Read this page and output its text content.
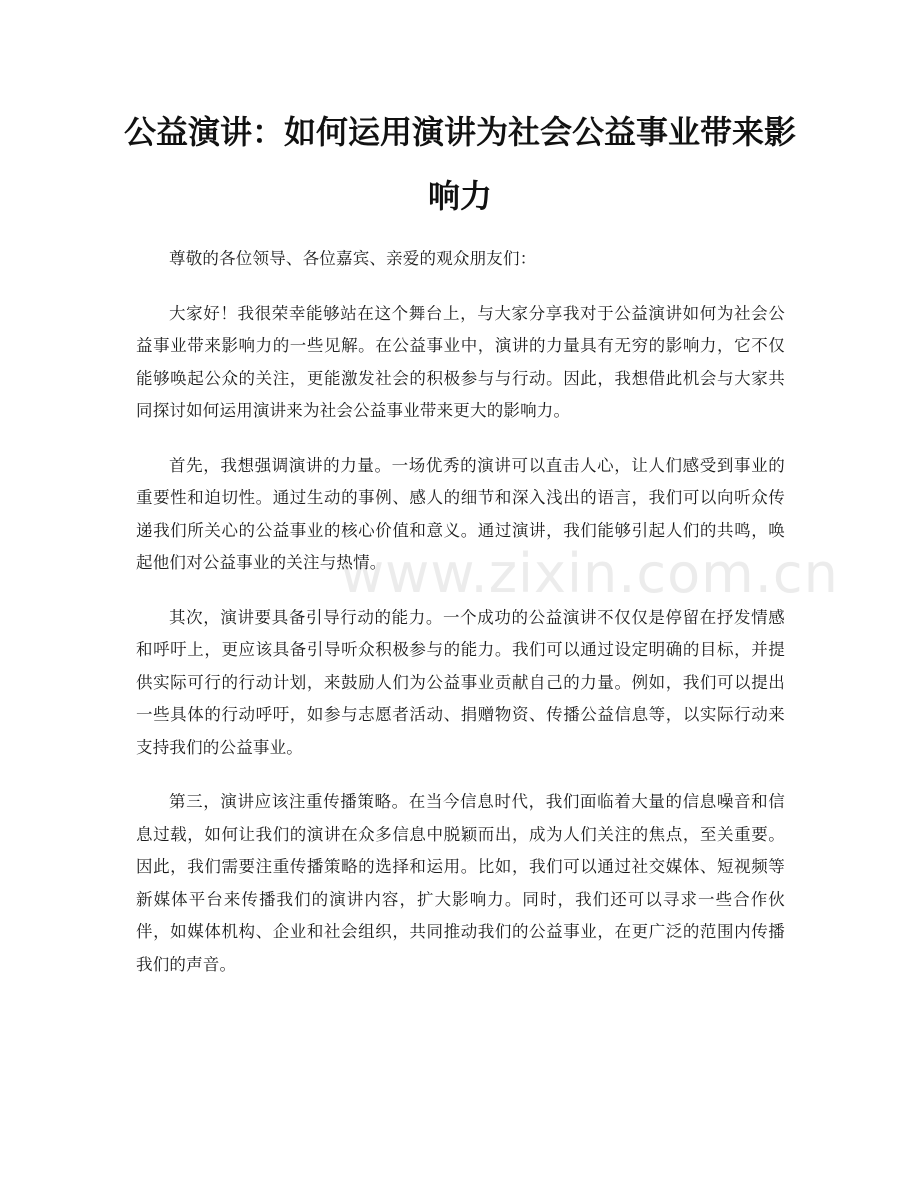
公益演讲：如何运用演讲为社会公益事业带来影响力

尊敬的各位领导、各位嘉宾、亲爱的观众朋友们：

大家好！我很荣幸能够站在这个舞台上，与大家分享我对于公益演讲如何为社会公益事业带来影响力的一些见解。在公益事业中，演讲的力量具有无穷的影响力，它不仅能够唤起公众的关注，更能激发社会的积极参与与行动。因此，我想借此机会与大家共同探讨如何运用演讲来为社会公益事业带来更大的影响力。

首先，我想强调演讲的力量。一场优秀的演讲可以直击人心，让人们感受到事业的重要性和迫切性。通过生动的事例、感人的细节和深入浅出的语言，我们可以向听众传递我们所关心的公益事业的核心价值和意义。通过演讲，我们能够引起人们的共鸣，唤起他们对公益事业的关注与热情。

其次，演讲要具备引导行动的能力。一个成功的公益演讲不仅仅是停留在抒发情感和呼吁上，更应该具备引导听众积极参与的能力。我们可以通过设定明确的目标，并提供实际可行的行动计划，来鼓励人们为公益事业贡献自己的力量。例如，我们可以提出一些具体的行动呼吁，如参与志愿者活动、捐赠物资、传播公益信息等，以实际行动来支持我们的公益事业。

第三，演讲应该注重传播策略。在当今信息时代，我们面临着大量的信息噪音和信息过载，如何让我们的演讲在众多信息中脱颖而出，成为人们关注的焦点，至关重要。因此，我们需要注重传播策略的选择和运用。比如，我们可以通过社交媒体、短视频等新媒体平台来传播我们的演讲内容，扩大影响力。同时，我们还可以寻求一些合作伙伴，如媒体机构、企业和社会组织，共同推动我们的公益事业，在更广泛的范围内传播我们的声音。

www.zixin.com.cn
